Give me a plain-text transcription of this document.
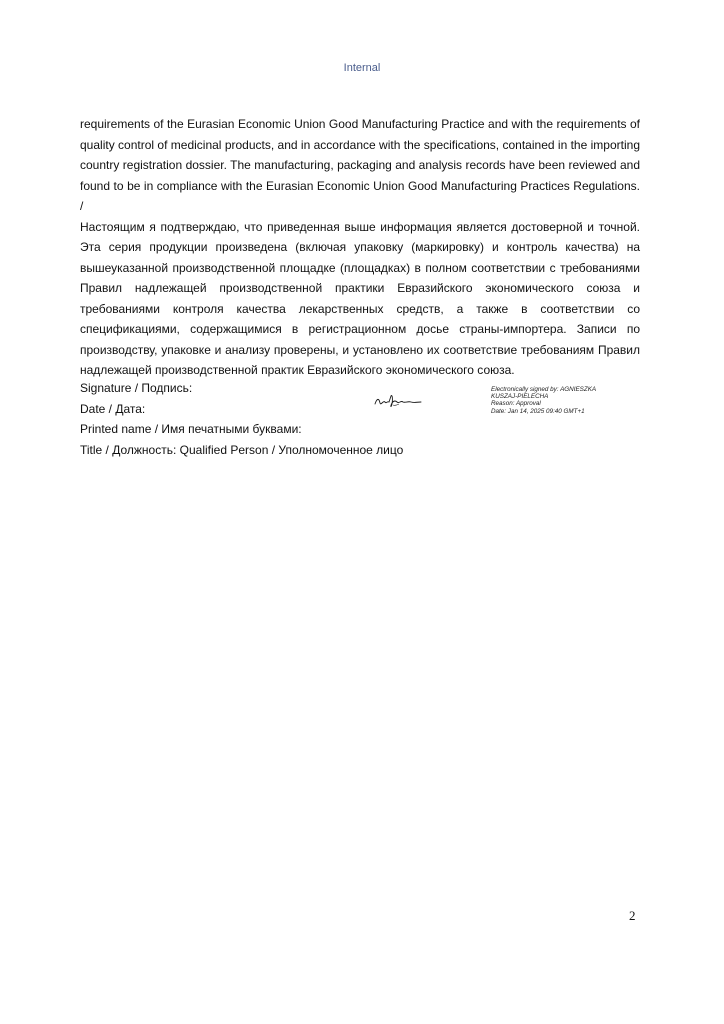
Internal

requirements of the Eurasian Economic Union Good Manufacturing Practice and with the requirements of quality control of medicinal products, and in accordance with the specifications, contained in the importing country registration dossier. The manufacturing, packaging and analysis records have been reviewed and found to be in compliance with the Eurasian Economic Union Good Manufacturing Practices Regulations. /

Настоящим я подтверждаю, что приведенная выше информация является достоверной и точной. Эта серия продукции произведена (включая упаковку (маркировку) и контроль качества) на вышеуказанной производственной площадке (площадках) в полном соответствии с требованиями Правил надлежащей производственной практики Евразийского экономического союза и требованиями контроля качества лекарственных средств, а также в соответствии со спецификациями, содержащимися в регистрационном досье страны-импортера. Записи по производству, упаковке и анализу проверены, и установлено их соответствие требованиям Правил надлежащей производственной практик Евразийского экономического союза.

Signature / Подпись:
Date / Дата:
Printed name / Имя печатными буквами:
Title / Должность: Qualified Person / Уполномоченное лицо
Electronically signed by: AGNIESZKA
KUSZAJ-PIELECHA
Reason: Approval
Date: Jan 14, 2025 09:40 GMT+1
2
